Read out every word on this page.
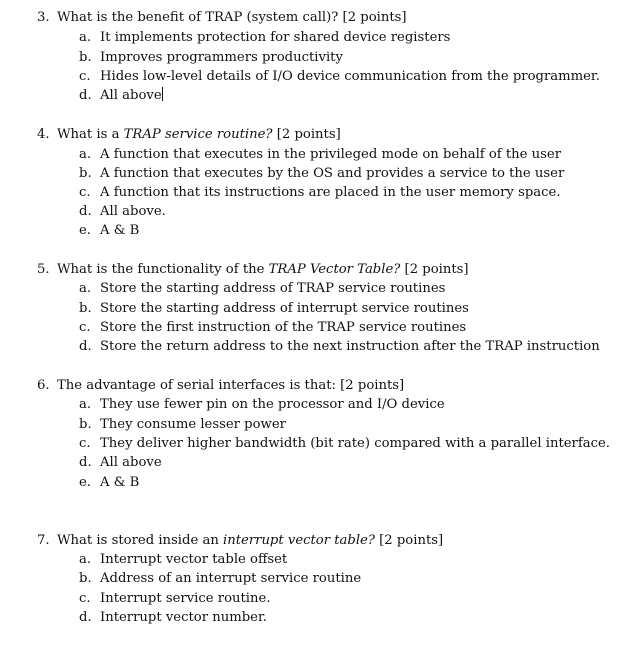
3. What is the benefit of TRAP (system call)? [2 points]
a. It implements protection for shared device registers
b. Improves programmers productivity
c. Hides low-level details of I/O device communication from the programmer.
d. All above
4. What is a TRAP service routine? [2 points]
a. A function that executes in the privileged mode on behalf of the user
b. A function that executes by the OS and provides a service to the user
c. A function that its instructions are placed in the user memory space.
d. All above.
e. A & B
5. What is the functionality of the TRAP Vector Table? [2 points]
a. Store the starting address of TRAP service routines
b. Store the starting address of interrupt service routines
c. Store the first instruction of the TRAP service routines
d. Store the return address to the next instruction after the TRAP instruction
6. The advantage of serial interfaces is that: [2 points]
a. They use fewer pin on the processor and I/O device
b. They consume lesser power
c. They deliver higher bandwidth (bit rate) compared with a parallel interface.
d. All above
e. A & B
7. What is stored inside an interrupt vector table? [2 points]
a. Interrupt vector table offset
b. Address of an interrupt service routine
c. Interrupt service routine.
d. Interrupt vector number.
